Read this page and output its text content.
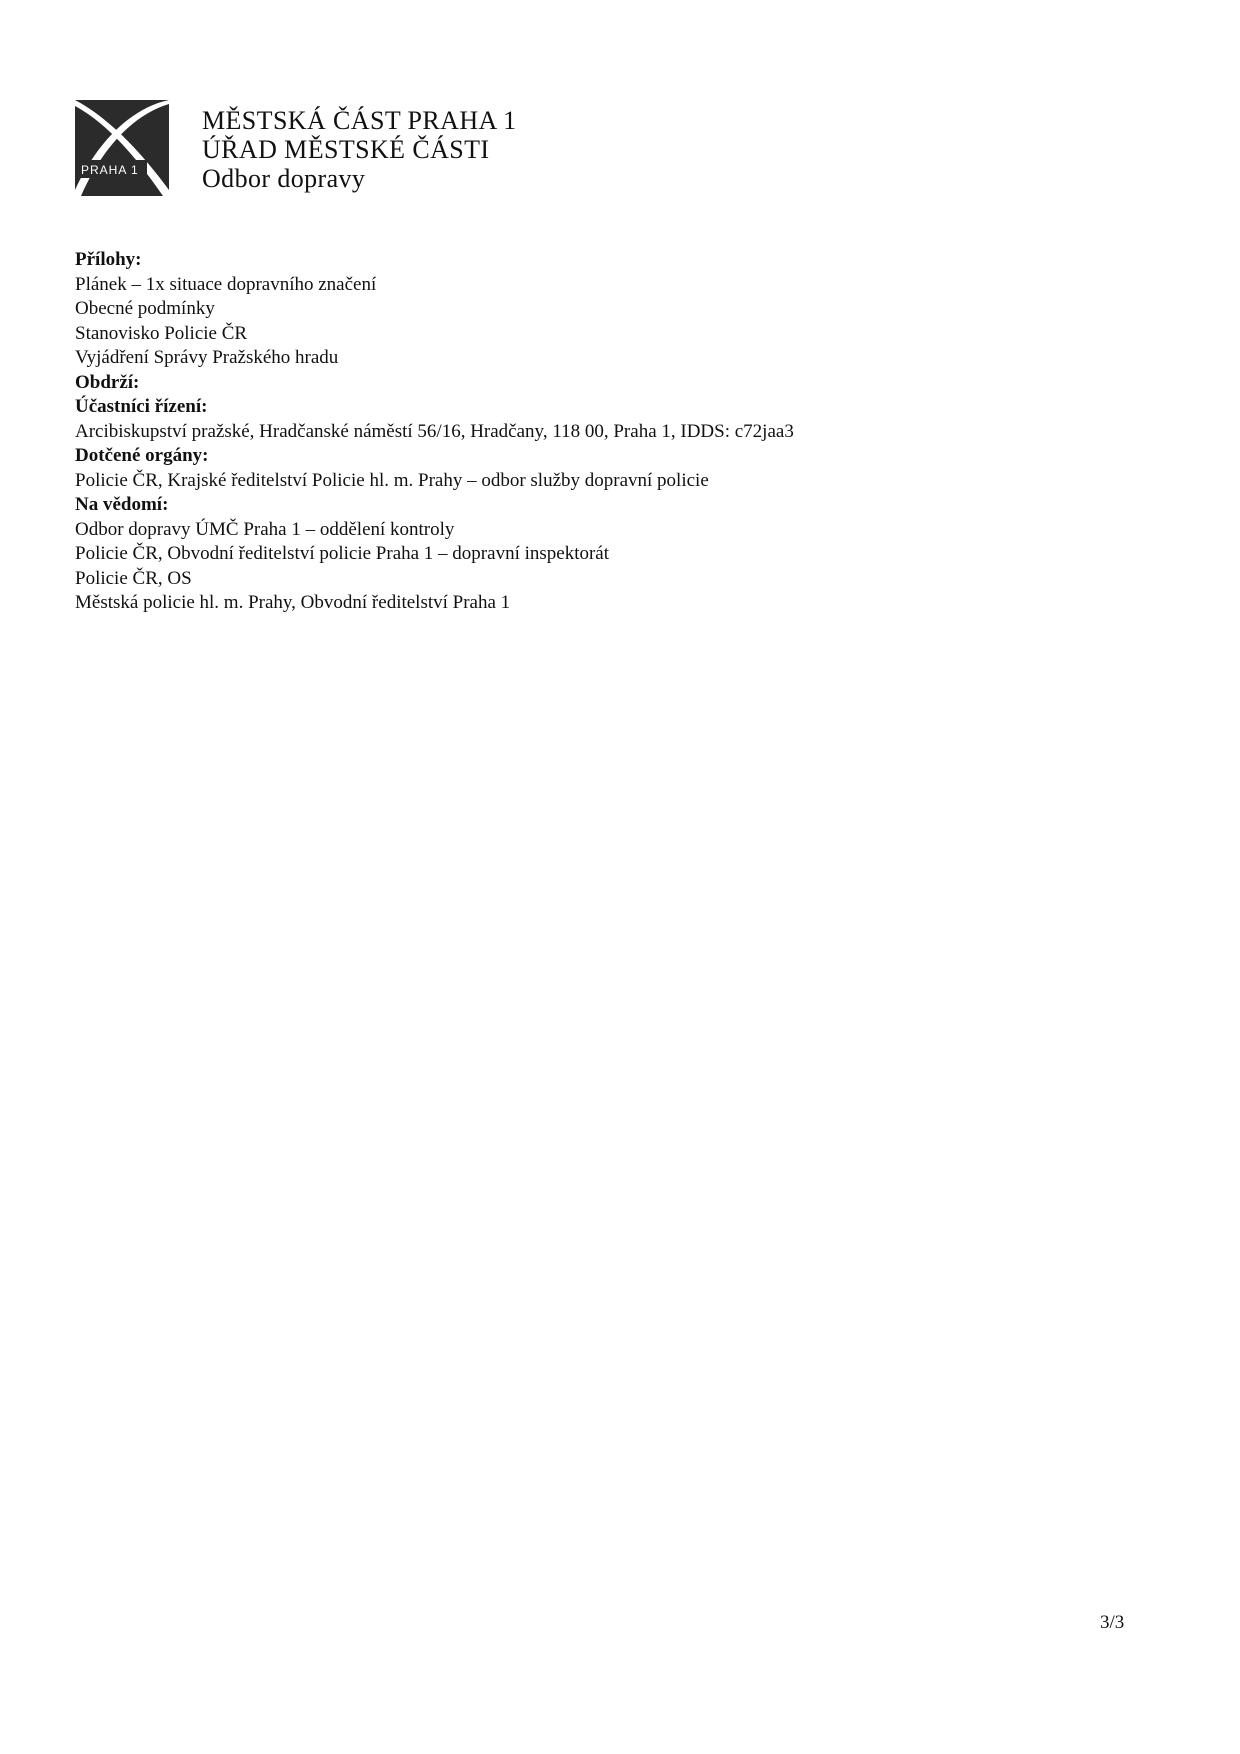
PRAHA 1
MĚSTSKÁ ČÁST PRAHA 1
ÚŘAD MĚSTSKÉ ČÁSTI
Odbor dopravy
Přílohy:
Plánek – 1x situace dopravního značení
Obecné podmínky
Stanovisko Policie ČR
Vyjádření Správy Pražského hradu
Obdrží:
Účastníci řízení:
Arcibiskupství pražské, Hradčanské náměstí 56/16, Hradčany, 118 00, Praha 1, IDDS: c72jaa3
Dotčené orgány:
Policie ČR, Krajské ředitelství Policie hl. m. Prahy – odbor služby dopravní policie
Na vědomí:
Odbor dopravy ÚMČ Praha 1 – oddělení kontroly
Policie ČR, Obvodní ředitelství policie Praha 1 – dopravní inspektorát
Policie ČR, OS
Městská policie hl. m. Prahy, Obvodní ředitelství Praha 1
3/3
